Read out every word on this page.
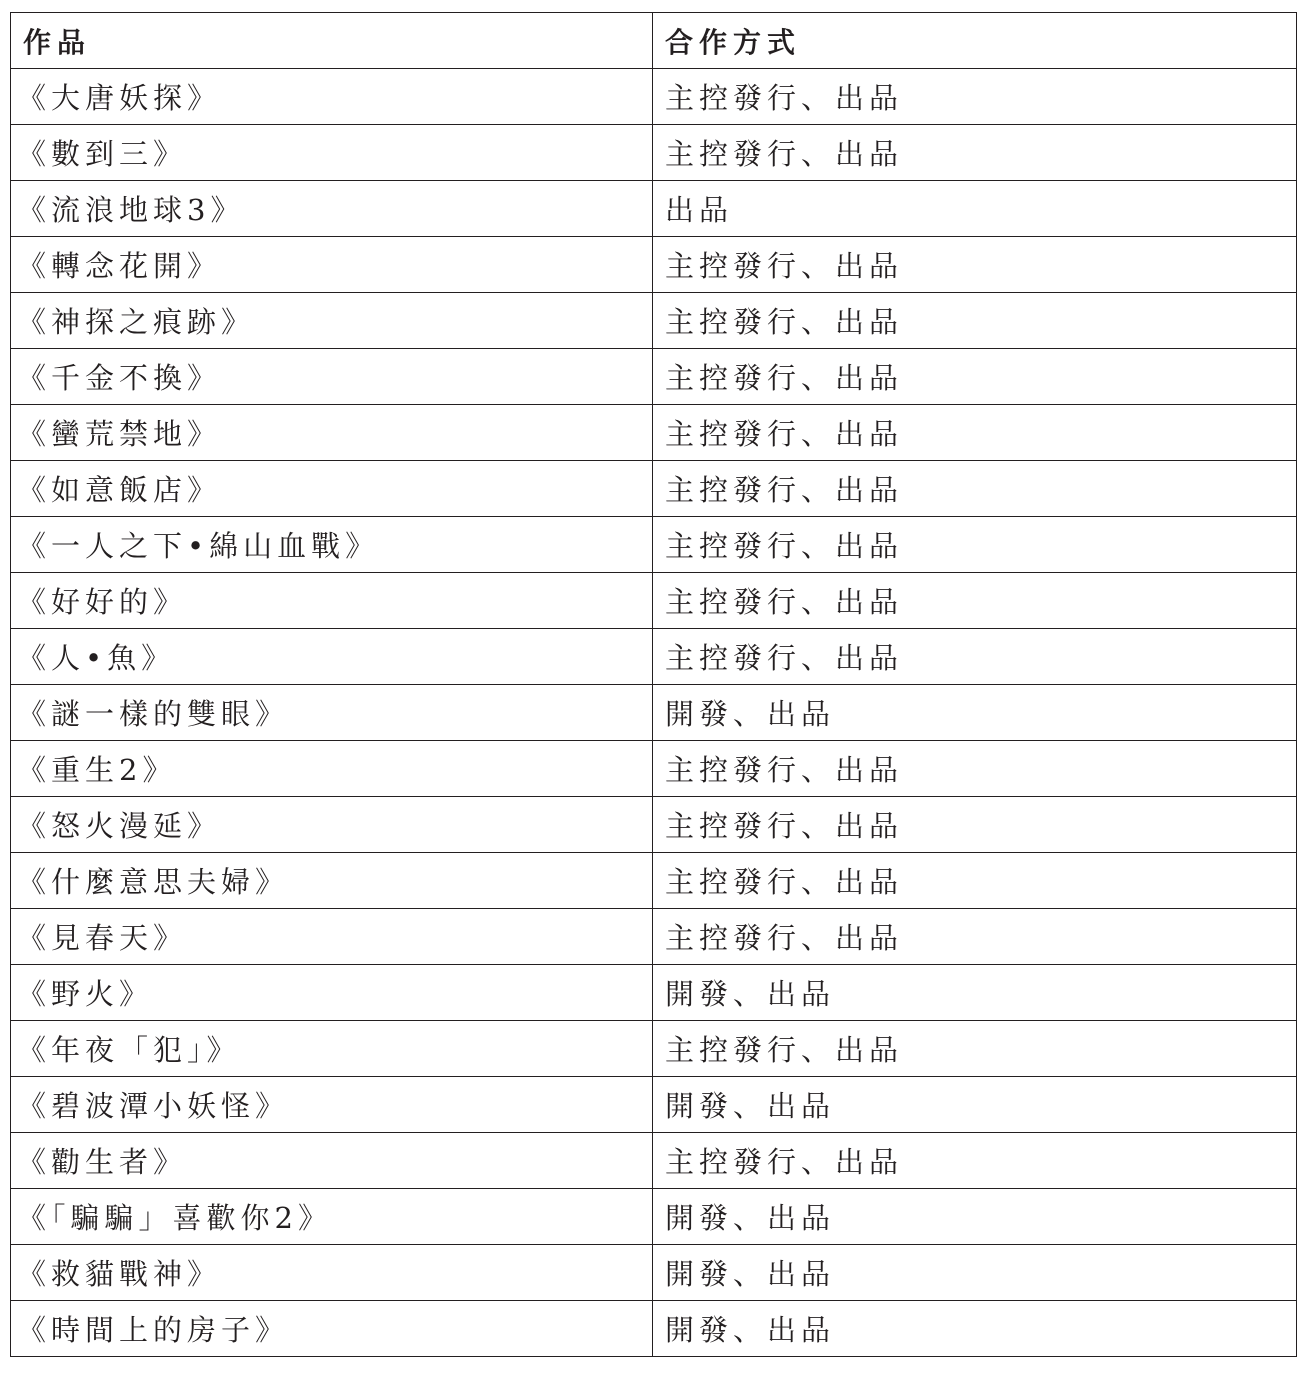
作品	合作方式
《大唐妖探》	主控發行、出品
《數到三》	主控發行、出品
《流浪地球3》	出品
《轉念花開》	主控發行、出品
《神探之痕跡》	主控發行、出品
《千金不換》	主控發行、出品
《蠻荒禁地》	主控發行、出品
《如意飯店》	主控發行、出品
《一人之下•綿山血戰》	主控發行、出品
《好好的》	主控發行、出品
《人•魚》	主控發行、出品
《謎一樣的雙眼》	開發、出品
《重生2》	主控發行、出品
《怒火漫延》	主控發行、出品
《什麼意思夫婦》	主控發行、出品
《見春天》	主控發行、出品
《野火》	開發、出品
《年夜「犯」》	主控發行、出品
《碧波潭小妖怪》	開發、出品
《勸生者》	主控發行、出品
《「騙騙」喜歡你2》	開發、出品
《救貓戰神》	開發、出品
《時間上的房子》	開發、出品
